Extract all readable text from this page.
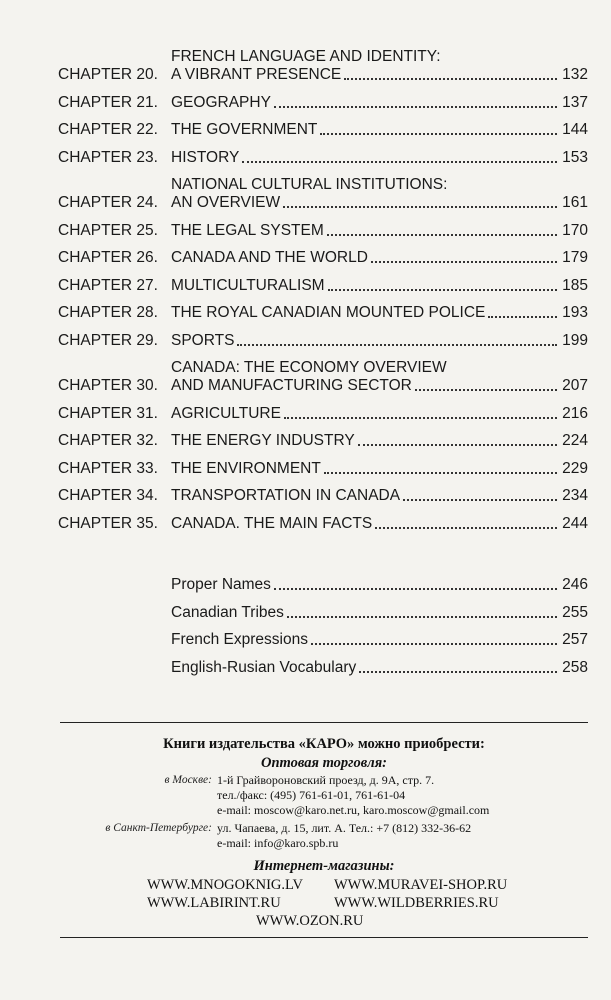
CHAPTER 20.
FRENCH LANGUAGE AND IDENTITY:
A VIBRANT PRESENCE	132
CHAPTER 21. GEOGRAPHY	137
CHAPTER 22. THE GOVERNMENT	144
CHAPTER 23. HISTORY	153
CHAPTER 24.
NATIONAL CULTURAL INSTITUTIONS:
AN OVERVIEW	161
CHAPTER 25. THE LEGAL SYSTEM	170
CHAPTER 26. CANADA AND THE WORLD	179
CHAPTER 27. MULTICULTURALISM	185
CHAPTER 28. THE ROYAL CANADIAN MOUNTED POLICE	193
CHAPTER 29. SPORTS	199
CHAPTER 30.
CANADA: THE ECONOMY OVERVIEW
AND MANUFACTURING SECTOR	207
CHAPTER 31. AGRICULTURE	216
CHAPTER 32. THE ENERGY INDUSTRY	224
CHAPTER 33. THE ENVIRONMENT	229
CHAPTER 34. TRANSPORTATION IN CANADA	234
CHAPTER 35. CANADA. THE MAIN FACTS	244
Proper Names	246
Canadian Tribes	255
French Expressions	257
English-Rusian Vocabulary	258
Книги издательства «КАРО» можно приобрести:
Оптовая торговля:
в Москве: 1-й Грайвороновский проезд, д. 9А, стр. 7.
тел./факс: (495) 761-61-01, 761-61-04
e-mail: moscow@karo.net.ru, karo.moscow@gmail.com
в Санкт-Петербурге: ул. Чапаева, д. 15, лит. А. Тел.: +7 (812) 332-36-62
e-mail: info@karo.spb.ru
Интернет-магазины:
WWW.MNOGOKNIG.LV WWW.MURAVEI-SHOP.RU
WWW.LABIRINT.RU	WWW.WILDBERRIES.RU
WWW.OZON.RU
